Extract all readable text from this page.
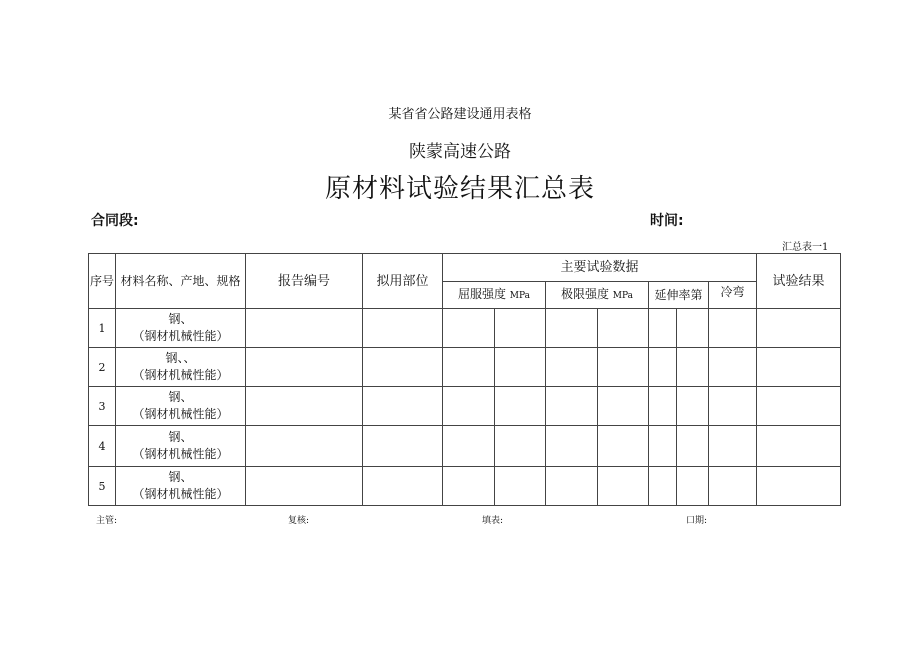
某省省公路建设通用表格
陕蒙高速公路
原材料试验结果汇总表
合同段:	时间:
汇总表一1
序号	材料名称、产地、规格	报告编号	拟用部位	主要试验数据							试验结果
				屈服强度 MPa		极限强度 MPa		延伸率第		冷弯	
1	钢、
（钢材机械性能）										

2	钢、、
（钢材机械性能）										

3	钢、
（钢材机械性能）										

4	钢、
（钢材机械性能）										

5	钢、
（钢材机械性能）										

主管:	复核:	填表:	口期:
